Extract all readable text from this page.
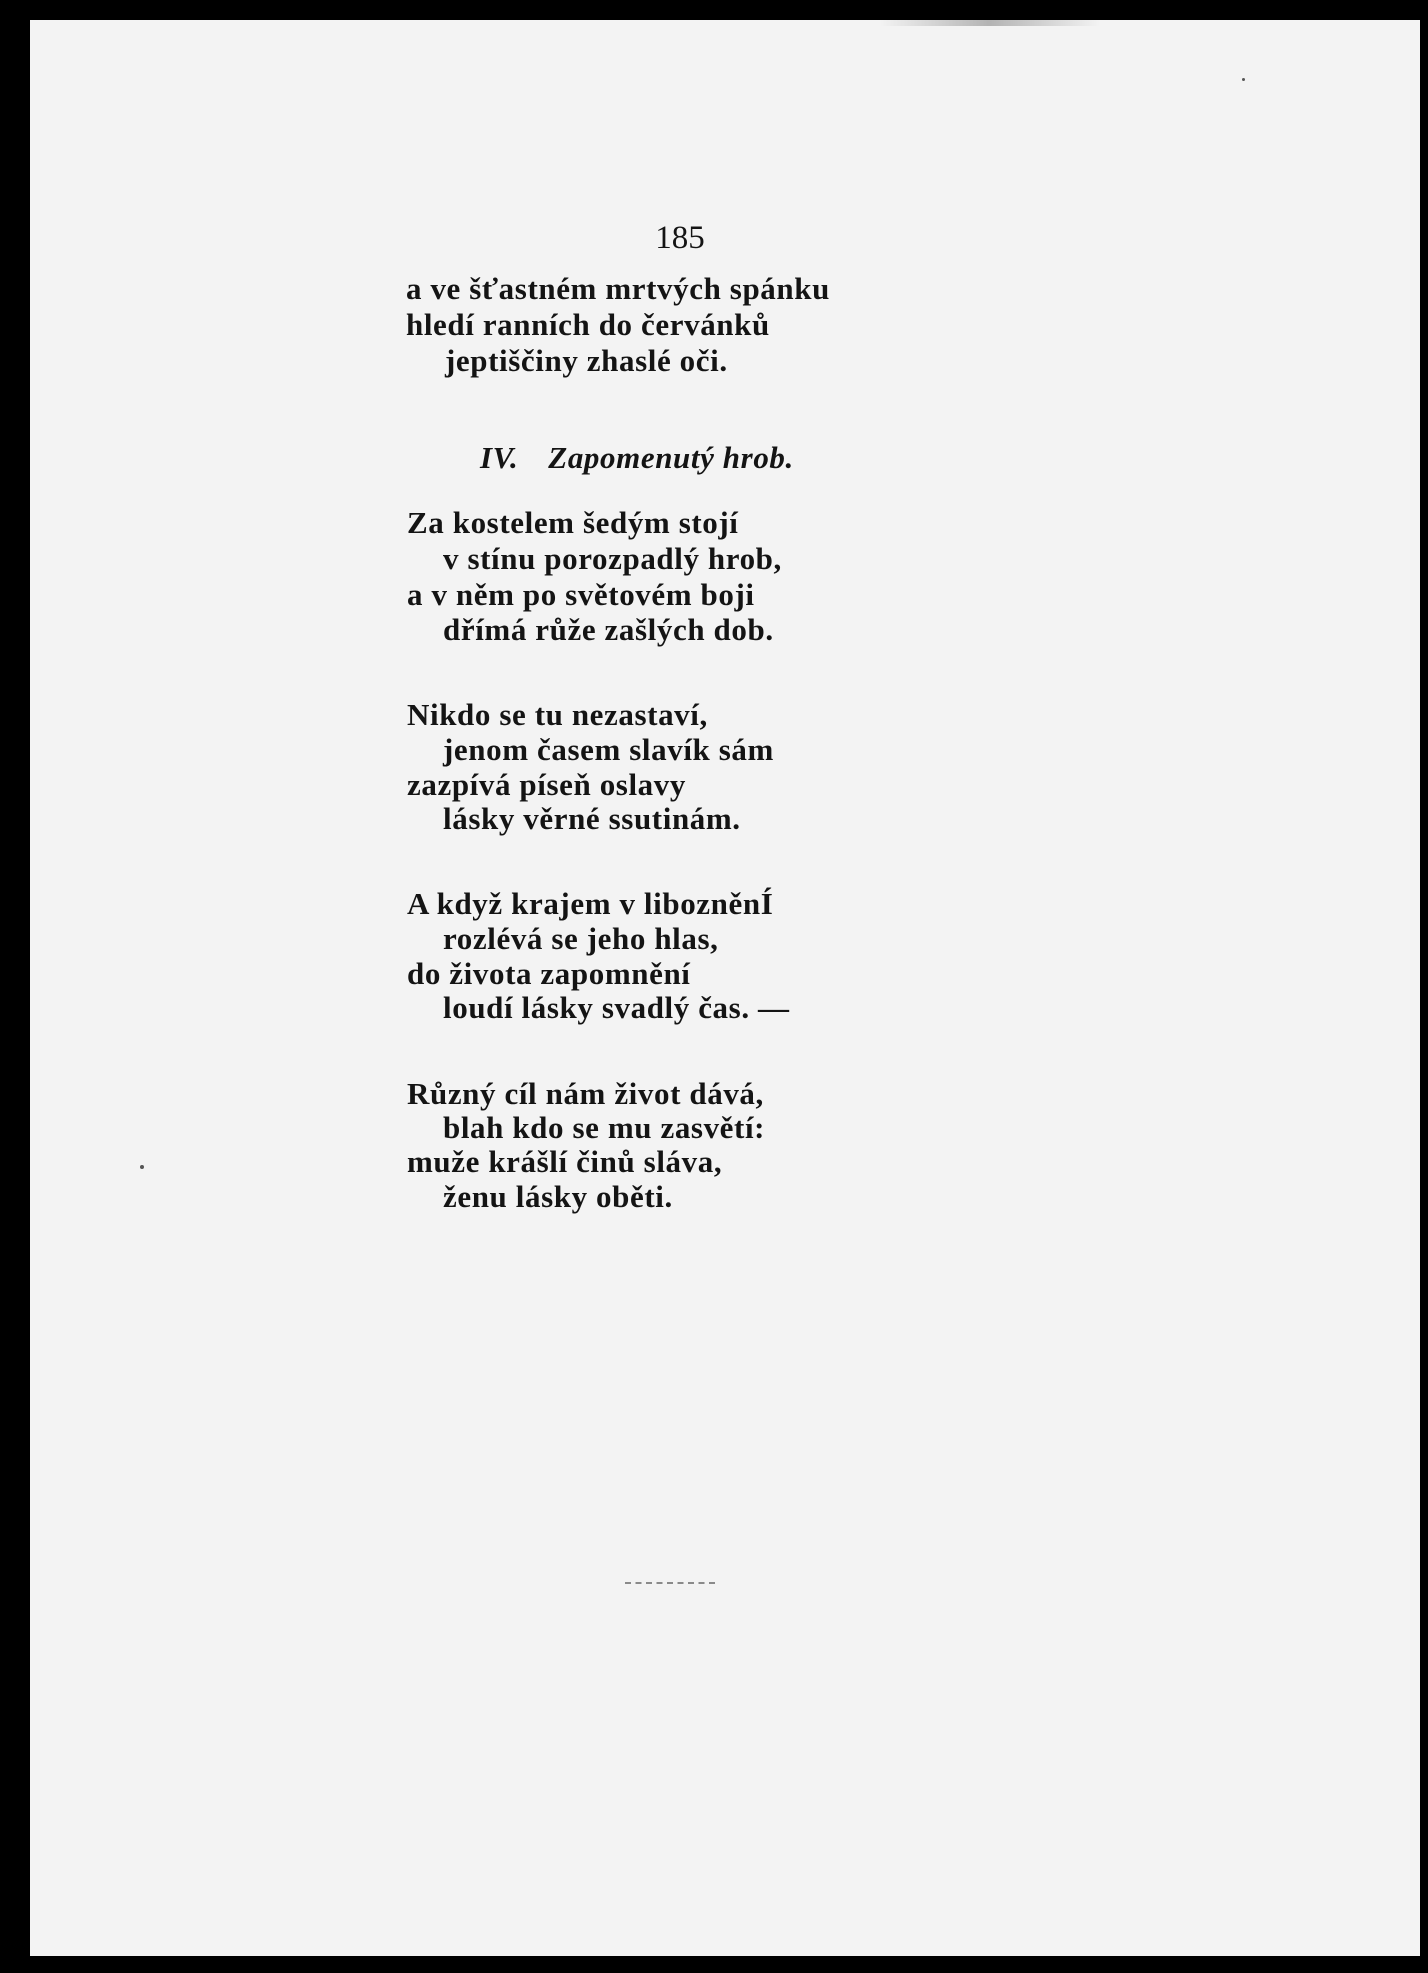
185
a ve šťastném mrtvých spánku
hledí ranních do červánků
jeptiščiny zhaslé oči.
IV. Zapomenutý hrob.
Za kostelem šedým stojí
v stínu porozpadlý hrob,
a v něm po světovém boji
dřímá růže zašlých dob.
Nikdo se tu nezastaví,
jenom časem slavík sám
zazpívá píseň oslavy
lásky věrné ssutinám.
A když krajem v libozněnÍ
rozlévá se jeho hlas,
do života zapomnění
loudí lásky svadlý čas. —
Různý cíl nám život dává,
blah kdo se mu zasvětí:
muže krášlí činů sláva,
ženu lásky oběti.
